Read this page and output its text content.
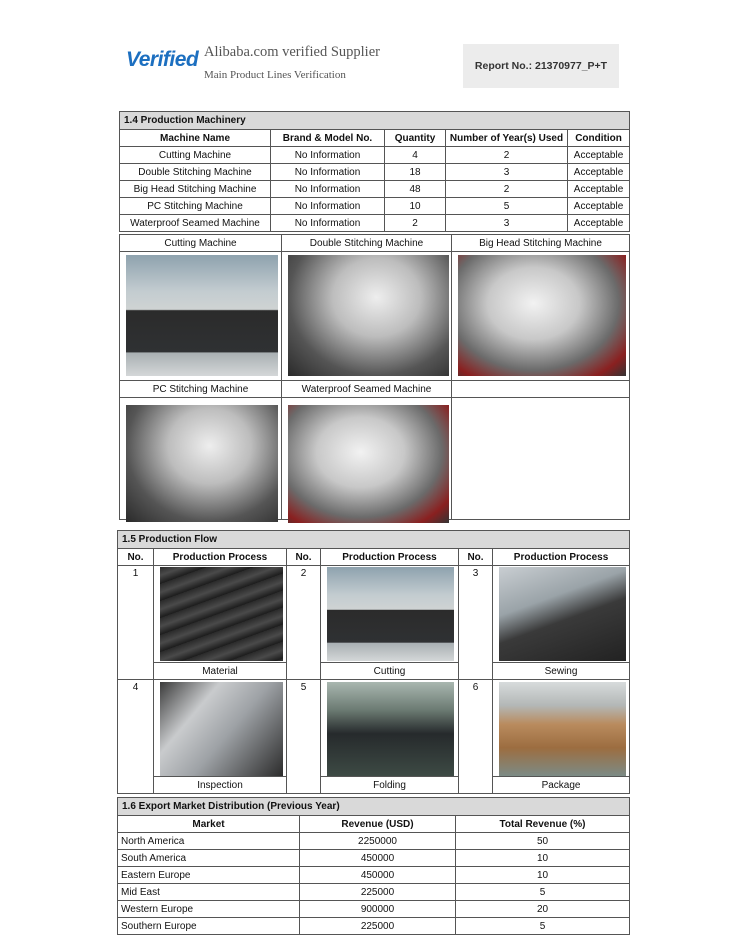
Verified Alibaba.com verified Supplier
Main Product Lines Verification
Report No.: 21370977_P+T
1.4 Production Machinery				
Machine Name	Brand & Model No.	Quantity	Number of Year(s) Used	Condition
Cutting Machine	No Information	4	2	Acceptable
Double Stitching Machine	No Information	18	3	Acceptable
Big Head Stitching Machine	No Information	48	2	Acceptable
PC Stitching Machine	No Information	10	5	Acceptable
Waterproof Seamed Machine	No Information	2	3	Acceptable
Cutting Machine	Double Stitching Machine	Big Head Stitching Machine

PC Stitching Machine	Waterproof Seamed Machine	

1.5 Production Flow					
No.	Production Process	No.	Production Process	No.	Production Process
1		2		3	
	Material		Cutting		Sewing
4		5		6	
	Inspection		Folding		Package
1.6 Export Market Distribution (Previous Year)		
Market	Revenue (USD)	Total Revenue (%)
North America	2250000	50
South America	450000	10
Eastern Europe	450000	10
Mid East	225000	5
Western Europe	900000	20
Southern Europe	225000	5
